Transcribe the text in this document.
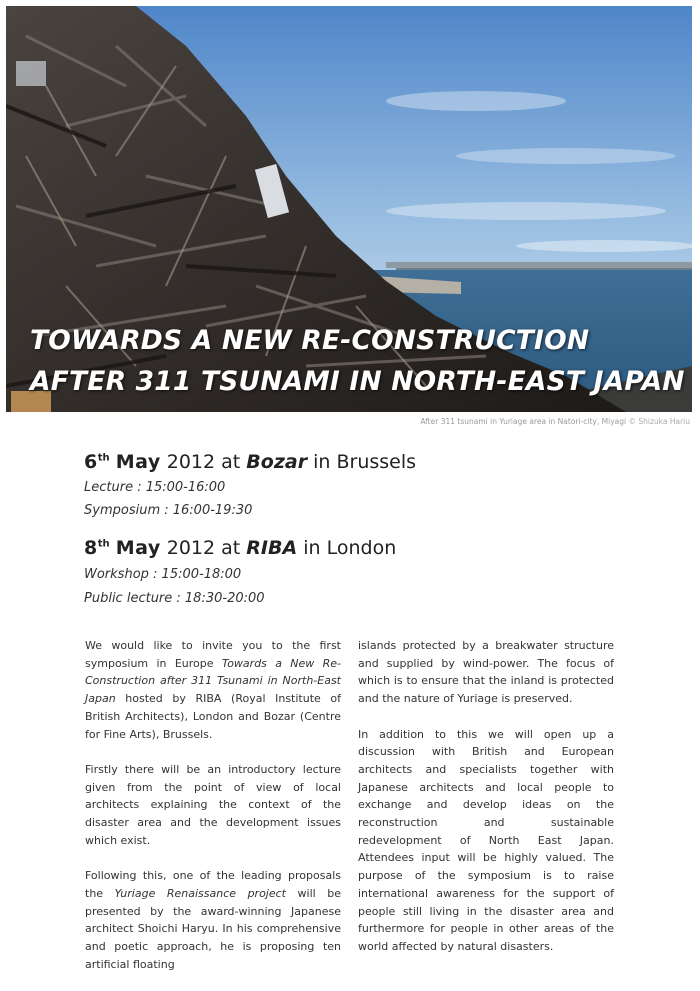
TOWARDS A NEW RE-CONSTRUCTION
AFTER 311 TSUNAMI IN NORTH-EAST JAPAN
After 311 tsunami in Yuriage area in Natori-city, Miyagi © Shizuka Hariu
6th May 2012 at Bozar in Brussels
Lecture : 15:00-16:00
Symposium : 16:00-19:30
8th May 2012 at RIBA in London
Workshop : 15:00-18:00
Public lecture : 18:30-20:00

We would like to invite you to the first symposium in Europe Towards a New Re-Construction after 311 Tsunami in North-East Japan hosted by RIBA (Royal Institute of British Architects), London and Bozar (Centre for Fine Arts), Brussels.

Firstly there will be an introductory lecture given from the point of view of local architects explaining the context of the disaster area and the development issues which exist.

Following this, one of the leading proposals the Yuriage Renaissance project will be presented by the award-winning Japanese architect Shoichi Haryu. In his comprehensive and poetic approach, he is proposing ten artificial floating

islands protected by a breakwater structure and supplied by wind-power. The focus of which is to ensure that the inland is protected and the nature of Yuriage is preserved.

In addition to this we will open up a discussion with British and European architects and specialists together with Japanese architects and local people to exchange and develop ideas on the reconstruction and sustainable redevelopment of North East Japan. Attendees input will be highly valued. The purpose of the symposium is to raise international awareness for the support of people still living in the disaster area and furthermore for people in other areas of the world affected by natural disasters.
